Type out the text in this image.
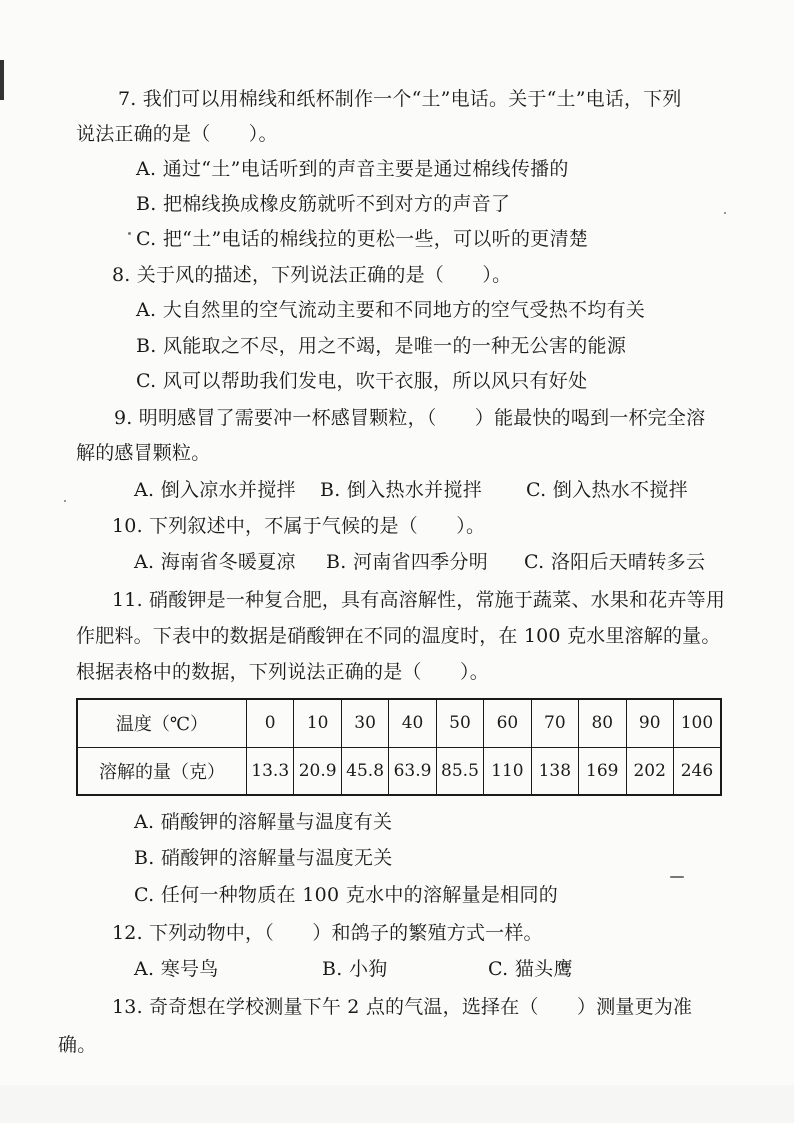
7. 我们可以用棉线和纸杯制作一个“土”电话。关于“土”电话，下列
说法正确的是（　　）。
A. 通过“土”电话听到的声音主要是通过棉线传播的
B. 把棉线换成橡皮筋就听不到对方的声音了
C. 把“土”电话的棉线拉的更松一些，可以听的更清楚
8. 关于风的描述，下列说法正确的是（　　）。
A. 大自然里的空气流动主要和不同地方的空气受热不均有关
B. 风能取之不尽，用之不竭，是唯一的一种无公害的能源
C. 风可以帮助我们发电，吹干衣服，所以风只有好处
9. 明明感冒了需要冲一杯感冒颗粒，（　　）能最快的喝到一杯完全溶
解的感冒颗粒。
A. 倒入凉水并搅拌 B. 倒入热水并搅拌 C. 倒入热水不搅拌
10. 下列叙述中，不属于气候的是（　　）。
A. 海南省冬暖夏凉 B. 河南省四季分明 C. 洛阳后天晴转多云
11. 硝酸钾是一种复合肥，具有高溶解性，常施于蔬菜、水果和花卉等用
作肥料。下表中的数据是硝酸钾在不同的温度时，在 100 克水里溶解的量。
根据表格中的数据，下列说法正确的是（　　）。
温度（℃）	0	10	30	40	50	60	70	80	90	100
溶解的量（克）	13.3	20.9	45.8	63.9	85.5	110	138	169	202	246
A. 硝酸钾的溶解量与温度有关
B. 硝酸钾的溶解量与温度无关
C. 任何一种物质在 100 克水中的溶解量是相同的
12. 下列动物中，（　　）和鸽子的繁殖方式一样。
A. 寒号鸟	B. 小狗	C. 猫头鹰
13. 奇奇想在学校测量下午 2 点的气温，选择在（　　）测量更为准
确。
